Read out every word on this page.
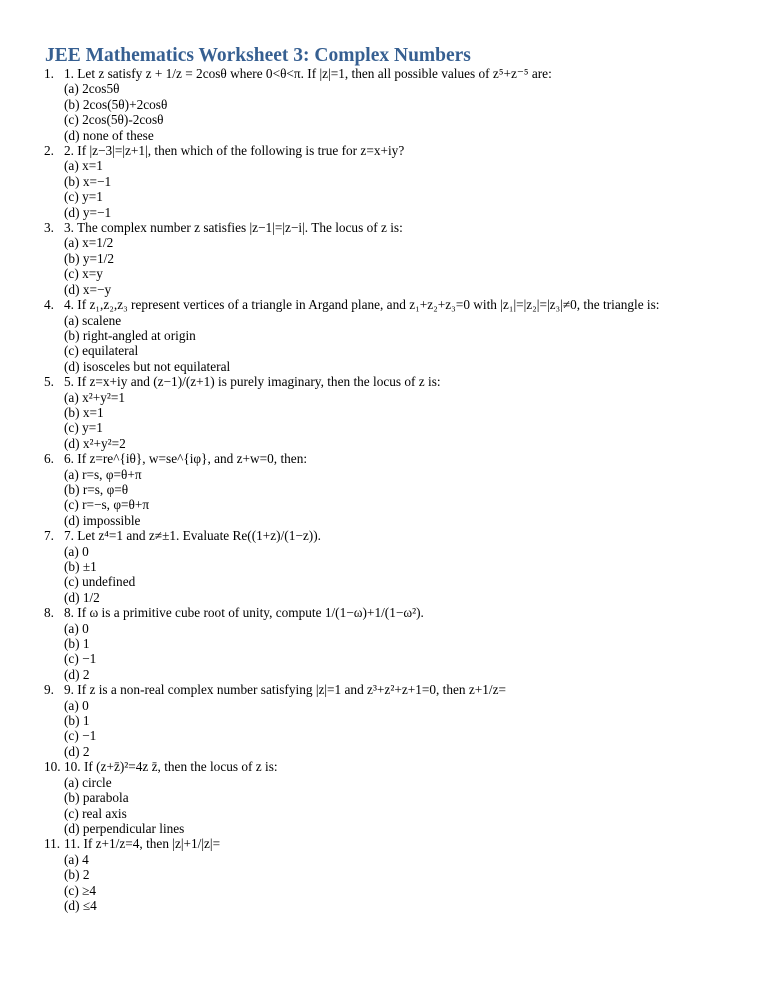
JEE Mathematics Worksheet 3: Complex Numbers
1. 1. Let z satisfy z + 1/z = 2cosθ where 0<θ<π. If |z|=1, then all possible values of z⁵+z⁻⁵ are:
(a) 2cos5θ
(b) 2cos(5θ)+2cosθ
(c) 2cos(5θ)-2cosθ
(d) none of these
2. 2. If |z−3|=|z+1|, then which of the following is true for z=x+iy?
(a) x=1
(b) x=−1
(c) y=1
(d) y=−1
3. 3. The complex number z satisfies |z−1|=|z−i|. The locus of z is:
(a) x=1/2
(b) y=1/2
(c) x=y
(d) x=−y
4. 4. If z₁,z₂,z₃ represent vertices of a triangle in Argand plane, and z₁+z₂+z₃=0 with |z₁|=|z₂|=|z₃|≠0, the triangle is:
(a) scalene
(b) right-angled at origin
(c) equilateral
(d) isosceles but not equilateral
5. 5. If z=x+iy and (z−1)/(z+1) is purely imaginary, then the locus of z is:
(a) x²+y²=1
(b) x=1
(c) y=1
(d) x²+y²=2
6. 6. If z=re^{iθ}, w=se^{iφ}, and z+w=0, then:
(a) r=s, φ=θ+π
(b) r=s, φ=θ
(c) r=−s, φ=θ+π
(d) impossible
7. 7. Let z⁴=1 and z≠±1. Evaluate Re((1+z)/(1−z)).
(a) 0
(b) ±1
(c) undefined
(d) 1/2
8. 8. If ω is a primitive cube root of unity, compute 1/(1−ω)+1/(1−ω²).
(a) 0
(b) 1
(c) −1
(d) 2
9. 9. If z is a non-real complex number satisfying |z|=1 and z³+z²+z+1=0, then z+1/z=
(a) 0
(b) 1
(c) −1
(d) 2
10. 10. If (z+z̄)²=4z z̄, then the locus of z is:
(a) circle
(b) parabola
(c) real axis
(d) perpendicular lines
11. 11. If z+1/z=4, then |z|+1/|z|=
(a) 4
(b) 2
(c) ≥4
(d) ≤4
